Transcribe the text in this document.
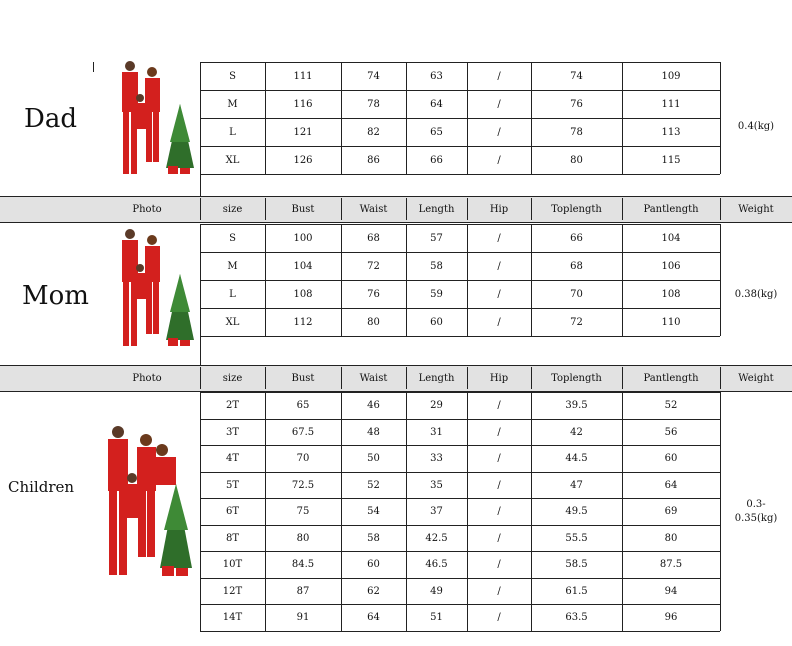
Dad
Mom
Children
0.4(kg)
0.38(kg)
0.3-
0.35(kg)
Photo	size	Bust	Waist	Length	Hip	Toplength	Pantlength	Weight
Photo	size	Bust	Waist	Length	Hip	Toplength	Pantlength	Weight
S	111	74	63	/	74	109
M	116	78	64	/	76	111
L	121	82	65	/	78	113
XL	126	86	66	/	80	115
S	100	68	57	/	66	104
M	104	72	58	/	68	106
L	108	76	59	/	70	108
XL	112	80	60	/	72	110
2T	65	46	29	/	39.5	52
3T	67.5	48	31	/	42	56
4T	70	50	33	/	44.5	60
5T	72.5	52	35	/	47	64
6T	75	54	37	/	49.5	69
8T	80	58	42.5	/	55.5	80
10T	84.5	60	46.5	/	58.5	87.5
12T	87	62	49	/	61.5	94
14T	91	64	51	/	63.5	96
